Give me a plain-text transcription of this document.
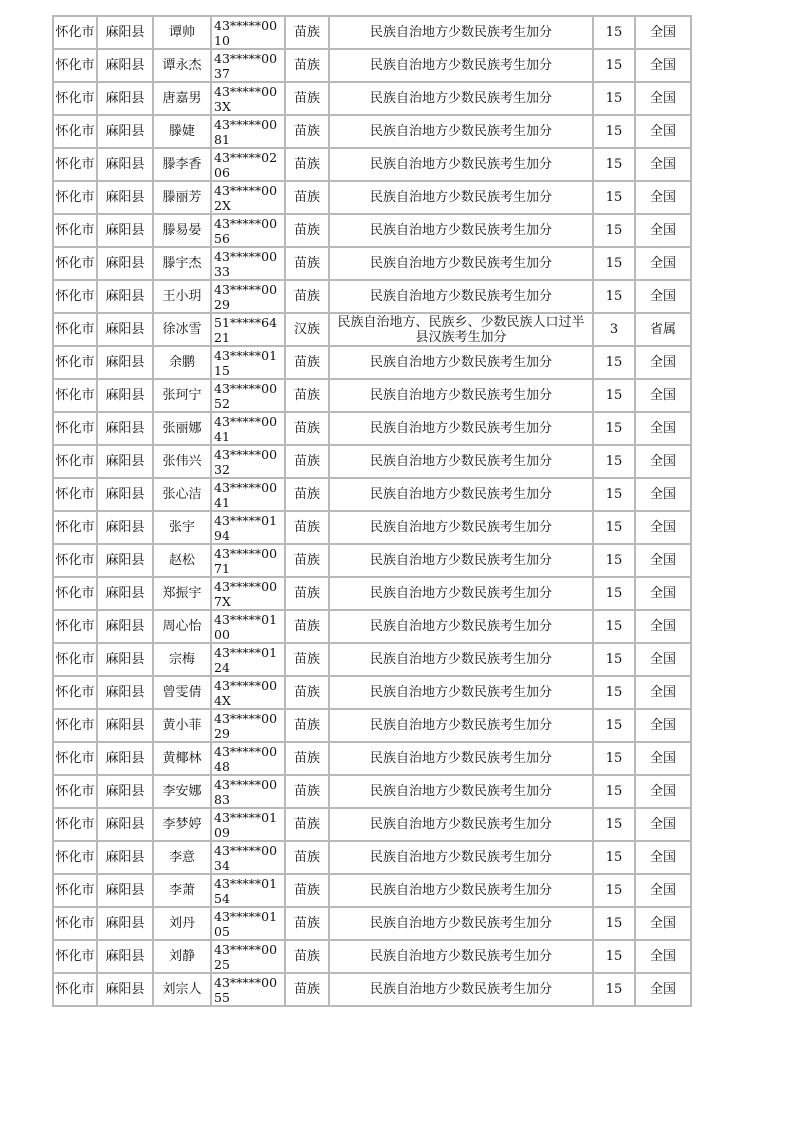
怀化市	麻阳县	谭帅	43*****0010	苗族	民族自治地方少数民族考生加分	15	全国
怀化市	麻阳县	谭永杰	43*****0037	苗族	民族自治地方少数民族考生加分	15	全国
怀化市	麻阳县	唐嘉男	43*****003X	苗族	民族自治地方少数民族考生加分	15	全国
怀化市	麻阳县	滕婕	43*****0081	苗族	民族自治地方少数民族考生加分	15	全国
怀化市	麻阳县	滕李香	43*****0206	苗族	民族自治地方少数民族考生加分	15	全国
怀化市	麻阳县	滕丽芳	43*****002X	苗族	民族自治地方少数民族考生加分	15	全国
怀化市	麻阳县	滕易晏	43*****0056	苗族	民族自治地方少数民族考生加分	15	全国
怀化市	麻阳县	滕宇杰	43*****0033	苗族	民族自治地方少数民族考生加分	15	全国
怀化市	麻阳县	王小玥	43*****0029	苗族	民族自治地方少数民族考生加分	15	全国
怀化市	麻阳县	徐冰雪	51*****6421	汉族	民族自治地方、民族乡、少数民族人口过半县汉族考生加分	3	省属
怀化市	麻阳县	余鹏	43*****0115	苗族	民族自治地方少数民族考生加分	15	全国
怀化市	麻阳县	张珂宁	43*****0052	苗族	民族自治地方少数民族考生加分	15	全国
怀化市	麻阳县	张丽娜	43*****0041	苗族	民族自治地方少数民族考生加分	15	全国
怀化市	麻阳县	张伟兴	43*****0032	苗族	民族自治地方少数民族考生加分	15	全国
怀化市	麻阳县	张心洁	43*****0041	苗族	民族自治地方少数民族考生加分	15	全国
怀化市	麻阳县	张宇	43*****0194	苗族	民族自治地方少数民族考生加分	15	全国
怀化市	麻阳县	赵松	43*****0071	苗族	民族自治地方少数民族考生加分	15	全国
怀化市	麻阳县	郑振宇	43*****007X	苗族	民族自治地方少数民族考生加分	15	全国
怀化市	麻阳县	周心怡	43*****0100	苗族	民族自治地方少数民族考生加分	15	全国
怀化市	麻阳县	宗梅	43*****0124	苗族	民族自治地方少数民族考生加分	15	全国
怀化市	麻阳县	曾雯倩	43*****004X	苗族	民族自治地方少数民族考生加分	15	全国
怀化市	麻阳县	黄小菲	43*****0029	苗族	民族自治地方少数民族考生加分	15	全国
怀化市	麻阳县	黄椰林	43*****0048	苗族	民族自治地方少数民族考生加分	15	全国
怀化市	麻阳县	李安娜	43*****0083	苗族	民族自治地方少数民族考生加分	15	全国
怀化市	麻阳县	李梦婷	43*****0109	苗族	民族自治地方少数民族考生加分	15	全国
怀化市	麻阳县	李意	43*****0034	苗族	民族自治地方少数民族考生加分	15	全国
怀化市	麻阳县	李萧	43*****0154	苗族	民族自治地方少数民族考生加分	15	全国
怀化市	麻阳县	刘丹	43*****0105	苗族	民族自治地方少数民族考生加分	15	全国
怀化市	麻阳县	刘静	43*****0025	苗族	民族自治地方少数民族考生加分	15	全国
怀化市	麻阳县	刘宗人	43*****0055	苗族	民族自治地方少数民族考生加分	15	全国
